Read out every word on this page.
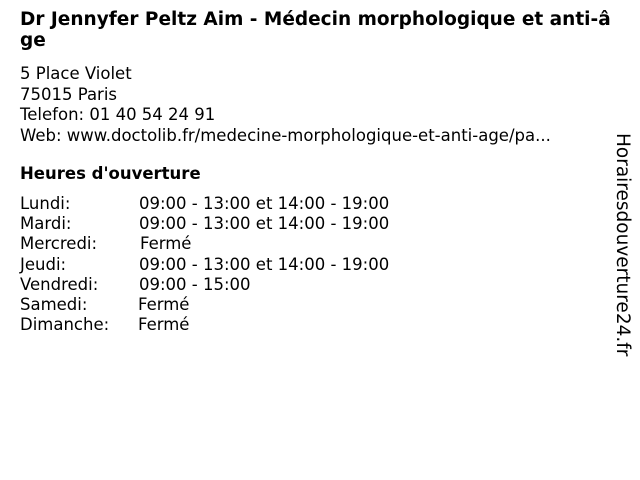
Dr Jennyfer Peltz Aim - Médecin morphologique et anti-âge
5 Place Violet
75015 Paris
Telefon: 01 40 54 24 91
Web: www.doctolib.fr/medecine-morphologique-et-anti-age/pa...
Heures d'ouverture
Lundi:	09:00 - 13:00 et 14:00 - 19:00
Mardi:	09:00 - 13:00 et 14:00 - 19:00
Mercredi:	Fermé
Jeudi:	09:00 - 13:00 et 14:00 - 19:00
Vendredi: 09:00 - 15:00
Samedi:	Fermé
Dimanche: Fermé	Horairesdouverture24.fr
